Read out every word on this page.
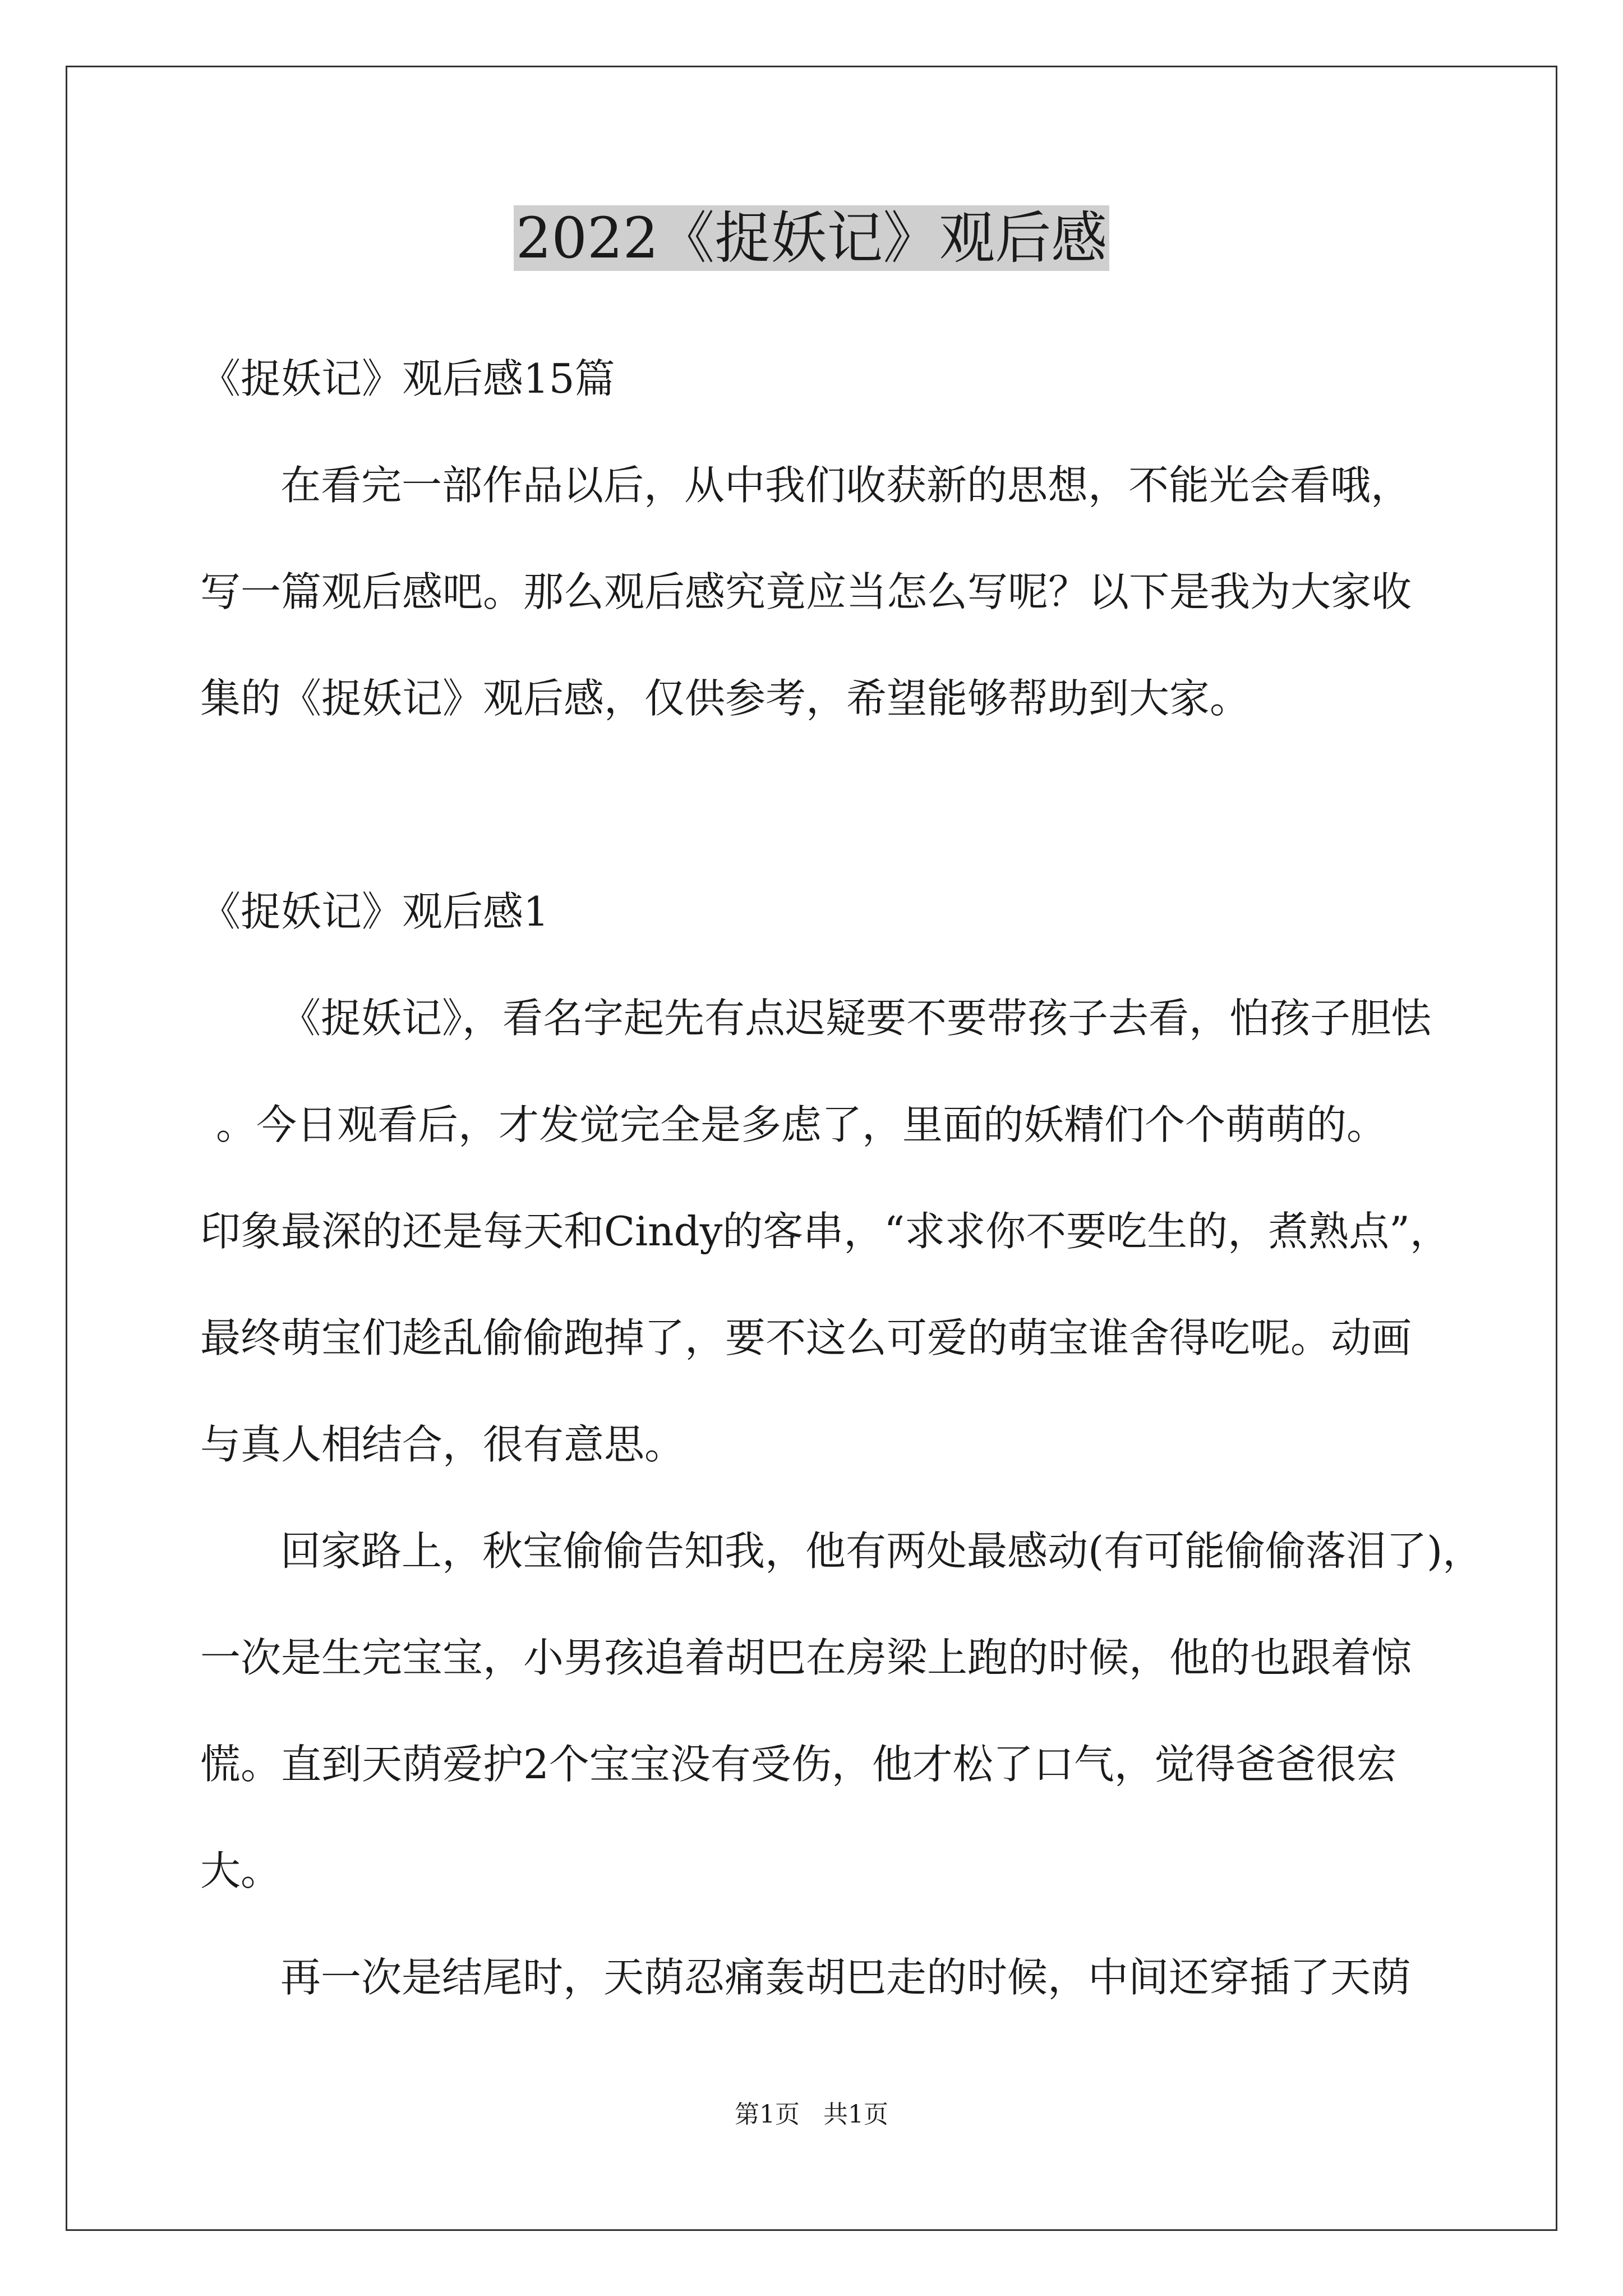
2022《捉妖记》观后感

《捉妖记》观后感15篇

在看完一部作品以后，从中我们收获新的思想，不能光会看哦，

写一篇观后感吧。那么观后感究竟应当怎么写呢？以下是我为大家收

集的《捉妖记》观后感，仅供参考，希望能够帮助到大家。

《捉妖记》观后感1

《捉妖记》，看名字起先有点迟疑要不要带孩子去看，怕孩子胆怯

。今日观看后，才发觉完全是多虑了，里面的妖精们个个萌萌的。

印象最深的还是每天和Cindy的客串，“求求你不要吃生的，煮熟点”，

最终萌宝们趁乱偷偷跑掉了，要不这么可爱的萌宝谁舍得吃呢。动画

与真人相结合，很有意思。

回家路上，秋宝偷偷告知我，他有两处最感动(有可能偷偷落泪了)，

一次是生完宝宝，小男孩追着胡巴在房梁上跑的时候，他的也跟着惊

慌。直到天荫爱护2个宝宝没有受伤，他才松了口气，觉得爸爸很宏

大。

再一次是结尾时，天荫忍痛轰胡巴走的时候，中间还穿插了天荫

第1页   共1页
